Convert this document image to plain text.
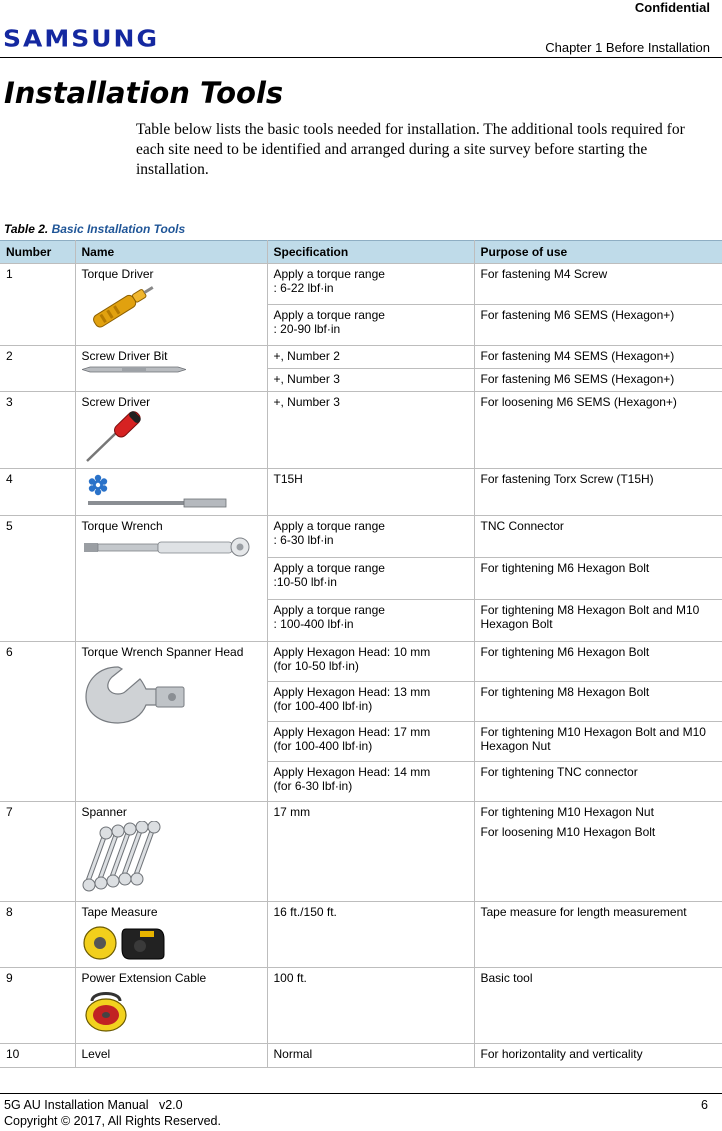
Confidential
SAMSUNG	Chapter 1 Before Installation
Installation Tools

Table below lists the basic tools needed for installation. The additional tools required for each site need to be identified and arranged during a site survey before starting the installation.

Table 2. Basic Installation Tools
Number	Name	Specification	Purpose of use
1	Torque Driver	Apply a torque range
: 6-22 lbf·in	For fastening M4 Screw

		Apply a torque range
: 20-90 lbf·in	For fastening M6 SEMS (Hexagon+)
2	Screw Driver Bit	+, Number 2	For fastening M4 SEMS (Hexagon+)
		+, Number 3	For fastening M6 SEMS (Hexagon+)
3	Screw Driver	+, Number 3	For loosening M6 SEMS (Hexagon+)
4		T15H	For fastening Torx Screw (T15H)
5	Torque Wrench	Apply a torque range
: 6-30 lbf·in	TNC Connector

		Apply a torque range
:10-50 lbf·in	For tightening M6 Hexagon Bolt

		Apply a torque range
: 100-400 lbf·in	For tightening M8 Hexagon Bolt and M10 Hexagon Bolt
6	Torque Wrench Spanner Head	Apply Hexagon Head: 10 mm
(for 10-50 lbf·in)	For tightening M6 Hexagon Bolt

		Apply Hexagon Head: 13 mm
(for 100-400 lbf·in)	For tightening M8 Hexagon Bolt

		Apply Hexagon Head: 17 mm
(for 100-400 lbf·in)	For tightening M10 Hexagon Bolt and M10 Hexagon Nut

		Apply Hexagon Head: 14 mm
(for 6-30 lbf·in)	For tightening TNC connector
7	Spanner	17 mm	For tightening M10 Hexagon Nut
For loosening M10 Hexagon Bolt

8	Tape Measure	16 ft./150 ft.	Tape measure for length measurement
9	Power Extension Cable	100 ft.	Basic tool
10	Level	Normal	For horizontality and verticality
5G AU Installation Manual   v2.0
Copyright © 2017, All Rights Reserved.
6
